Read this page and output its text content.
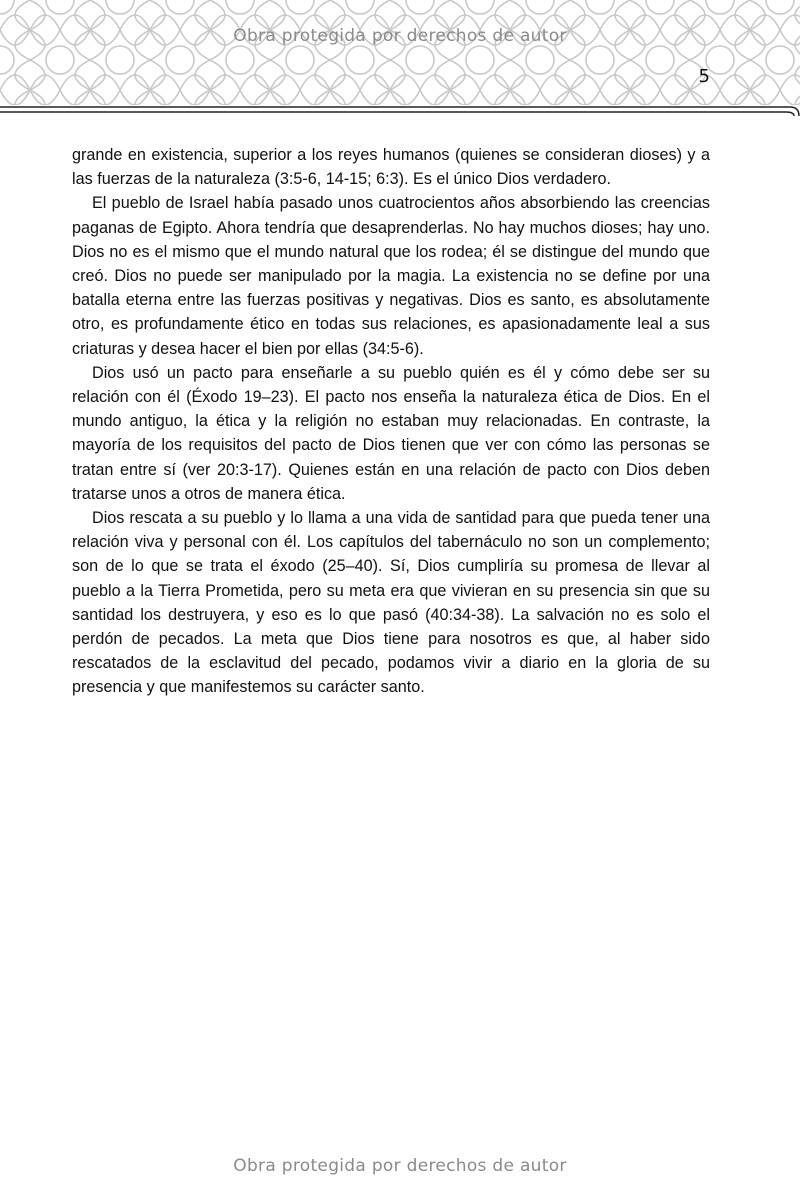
Obra protegida por derechos de autor
5

grande en existencia, superior a los reyes humanos (quienes se consideran dioses) y a las fuerzas de la naturaleza (3:5-6, 14-15; 6:3). Es el único Dios verdadero.

El pueblo de Israel había pasado unos cuatrocientos años absorbiendo las creencias paganas de Egipto. Ahora tendría que desaprenderlas. No hay muchos dioses; hay uno. Dios no es el mismo que el mundo natural que los rodea; él se distingue del mundo que creó. Dios no puede ser manipulado por la magia. La existencia no se define por una batalla eterna entre las fuerzas positivas y negativas. Dios es santo, es absolutamente otro, es profundamente ético en todas sus relaciones, es apasionadamente leal a sus criaturas y desea hacer el bien por ellas (34:5-6).

Dios usó un pacto para enseñarle a su pueblo quién es él y cómo debe ser su relación con él (Éxodo 19–23). El pacto nos enseña la naturaleza ética de Dios. En el mundo antiguo, la ética y la religión no estaban muy relacionadas. En contraste, la mayoría de los requisitos del pacto de Dios tienen que ver con cómo las personas se tratan entre sí (ver 20:3-17). Quienes están en una relación de pacto con Dios deben tratarse unos a otros de manera ética.

Dios rescata a su pueblo y lo llama a una vida de santidad para que pueda tener una relación viva y personal con él. Los capítulos del tabernáculo no son un complemento; son de lo que se trata el éxodo (25–40). Sí, Dios cumpliría su promesa de llevar al pueblo a la Tierra Prometida, pero su meta era que vivieran en su presencia sin que su santidad los destruyera, y eso es lo que pasó (40:34-38). La salvación no es solo el perdón de pecados. La meta que Dios tiene para nosotros es que, al haber sido rescatados de la esclavitud del pecado, podamos vivir a diario en la gloria de su presencia y que manifestemos su carácter santo.

Obra protegida por derechos de autor
